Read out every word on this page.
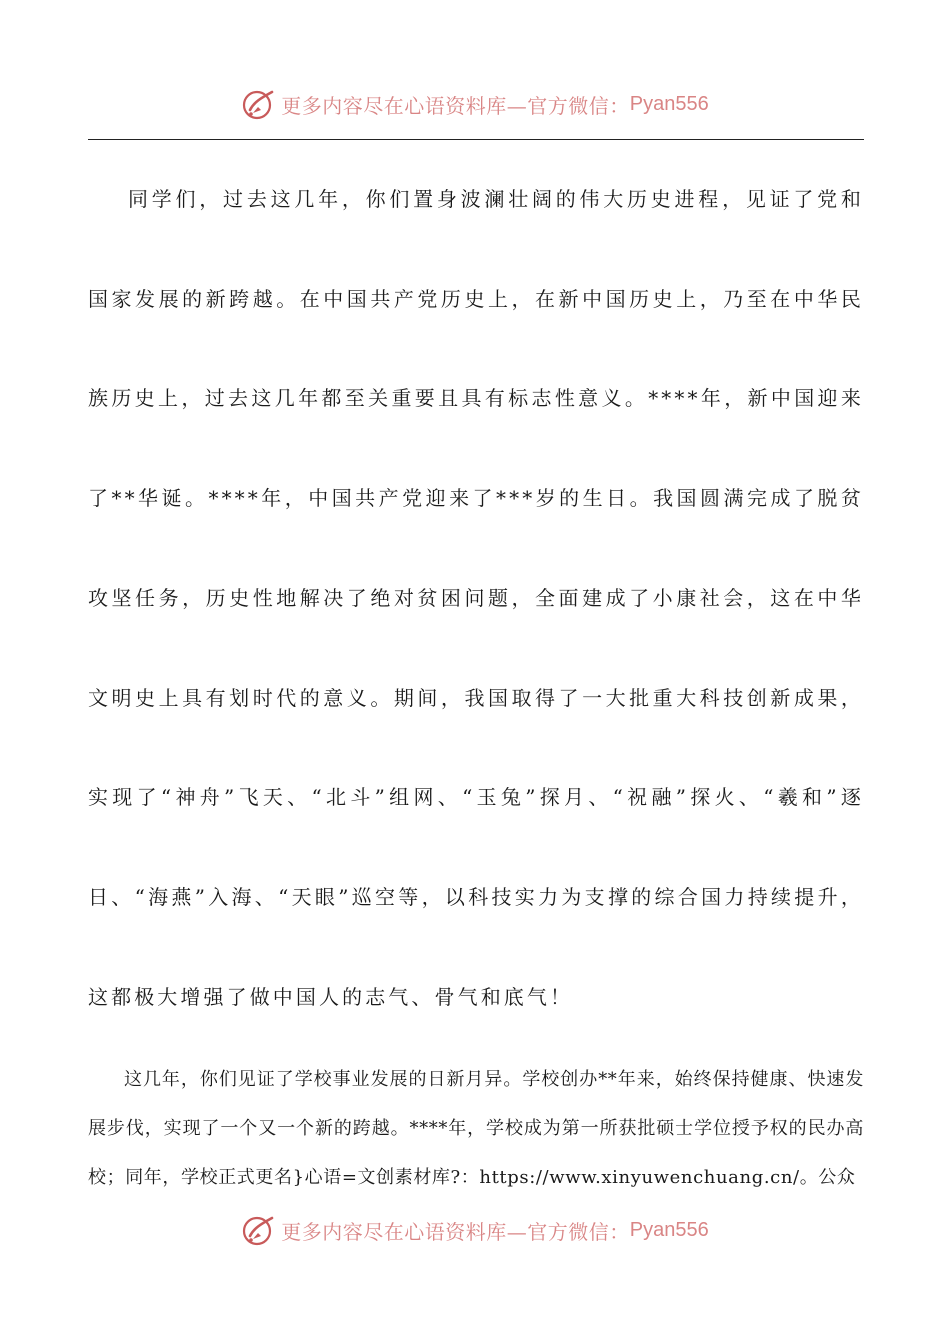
更多内容尽在心语资料库— 官方微信： Pyan556

同学们，过去这几年，你们置身波澜壮阔的伟大历史进程，见证了党和国家发展的新跨越。在中国共产党历史上，在新中国历史上，乃至在中华民族历史上，过去这几年都至关重要且具有标志性意义。****年，新中国迎来了**华诞。****年，中国共产党迎来了***岁的生日。我国圆满完成了脱贫攻坚任务，历史性地解决了绝对贫困问题，全面建成了小康社会，这在中华文明史上具有划时代的意义。期间，我国取得了一大批重大科技创新成果，实现了“神舟”飞天、“北斗”组网、“玉兔”探月、“祝融”探火、“羲和”逐日、“海燕”入海、“天眼”巡空等，以科技实力为支撑的综合国力持续提升，这都极大增强了做中国人的志气、骨气和底气！

这几年，你们见证了学校事业发展的日新月异。学校创办**年来，始终保持健康、快速发展步伐，实现了一个又一个新的跨越。****年，学校成为第一所获批硕士学位授予权的民办高校；同年，学校正式更名}心语=文创素材库?：https://www.xinyuwenchuang.cn/。公众

更多内容尽在心语资料库— 官方微信： Pyan556
